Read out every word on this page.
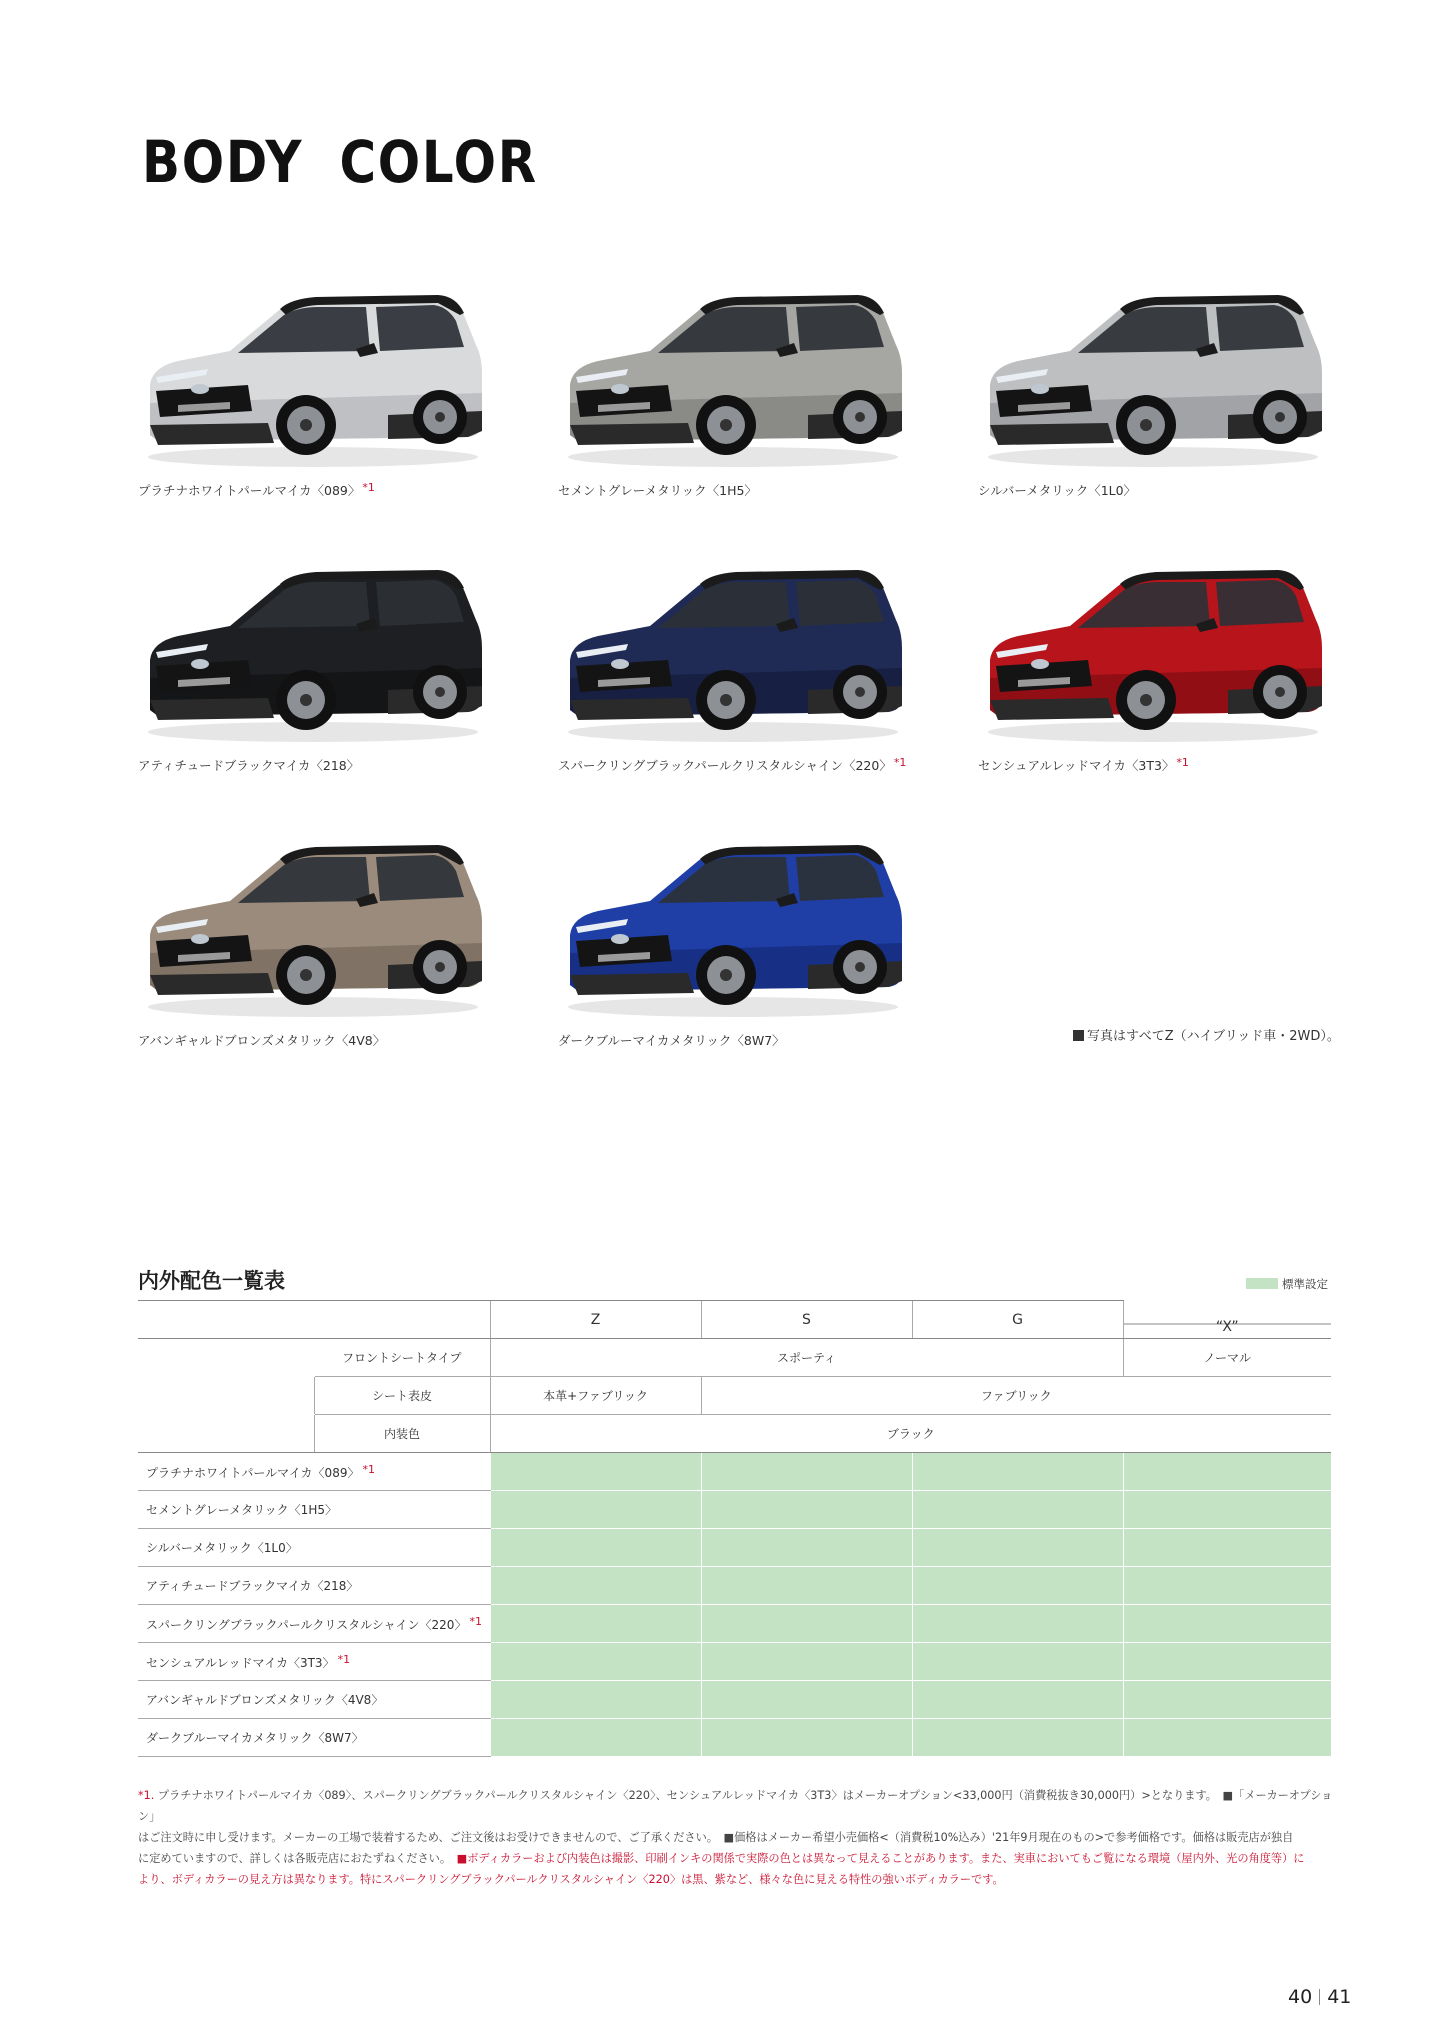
BODY COLOR
プラチナホワイトパールマイカ〈089〉 *1	セメントグレーメタリック〈1H5〉	シルバーメタリック〈1L0〉
アティチュードブラックマイカ〈218〉	スパークリングブラックパールクリスタルシャイン〈220〉 *1	センシュアルレッドマイカ〈3T3〉 *1
アバンギャルドブロンズメタリック〈4V8〉	ダークブルーマイカメタリック〈8W7〉	写真はすべてZ（ハイブリッド車・2WD）。
内外配色一覧表	標準設定
		Z	S	G	“X”
	フロントシートタイプ	スポーティ			ノーマル
	シート表皮	本革+ファブリック	ファブリック		
	内装色	ブラック			
プラチナホワイトパールマイカ〈089〉 *1					
セメントグレーメタリック〈1H5〉					
シルバーメタリック〈1L0〉					
アティチュードブラックマイカ〈218〉					
スパークリングブラックパールクリスタルシャイン〈220〉 *1					
センシュアルレッドマイカ〈3T3〉 *1					
アバンギャルドブロンズメタリック〈4V8〉					
ダークブルーマイカメタリック〈8W7〉					
*1. プラチナホワイトパールマイカ〈089〉、スパークリングブラックパールクリスタルシャイン〈220〉、センシュアルレッドマイカ〈3T3〉はメーカーオプション<33,000円（消費税抜き30,000円）>となります。　■「メーカーオプション」
はご注文時に申し受けます。メーカーの工場で装着するため、ご注文後はお受けできませんので、ご了承ください。　■価格はメーカー希望小売価格<（消費税10%込み）'21年9月現在のもの>で参考価格です。価格は販売店が独自
に定めていますので、詳しくは各販売店におたずねください。　 ■ボディカラーおよび内装色は撮影、印刷インキの関係で実際の色とは異なって見えることがあります。また、実車においてもご覧になる環境（屋内外、光の角度等）に
より、ボディカラーの見え方は異なります。特にスパークリングブラックパールクリスタルシャイン〈220〉は黒、紫など、様々な色に見える特性の強いボディカラーです。
40 41
